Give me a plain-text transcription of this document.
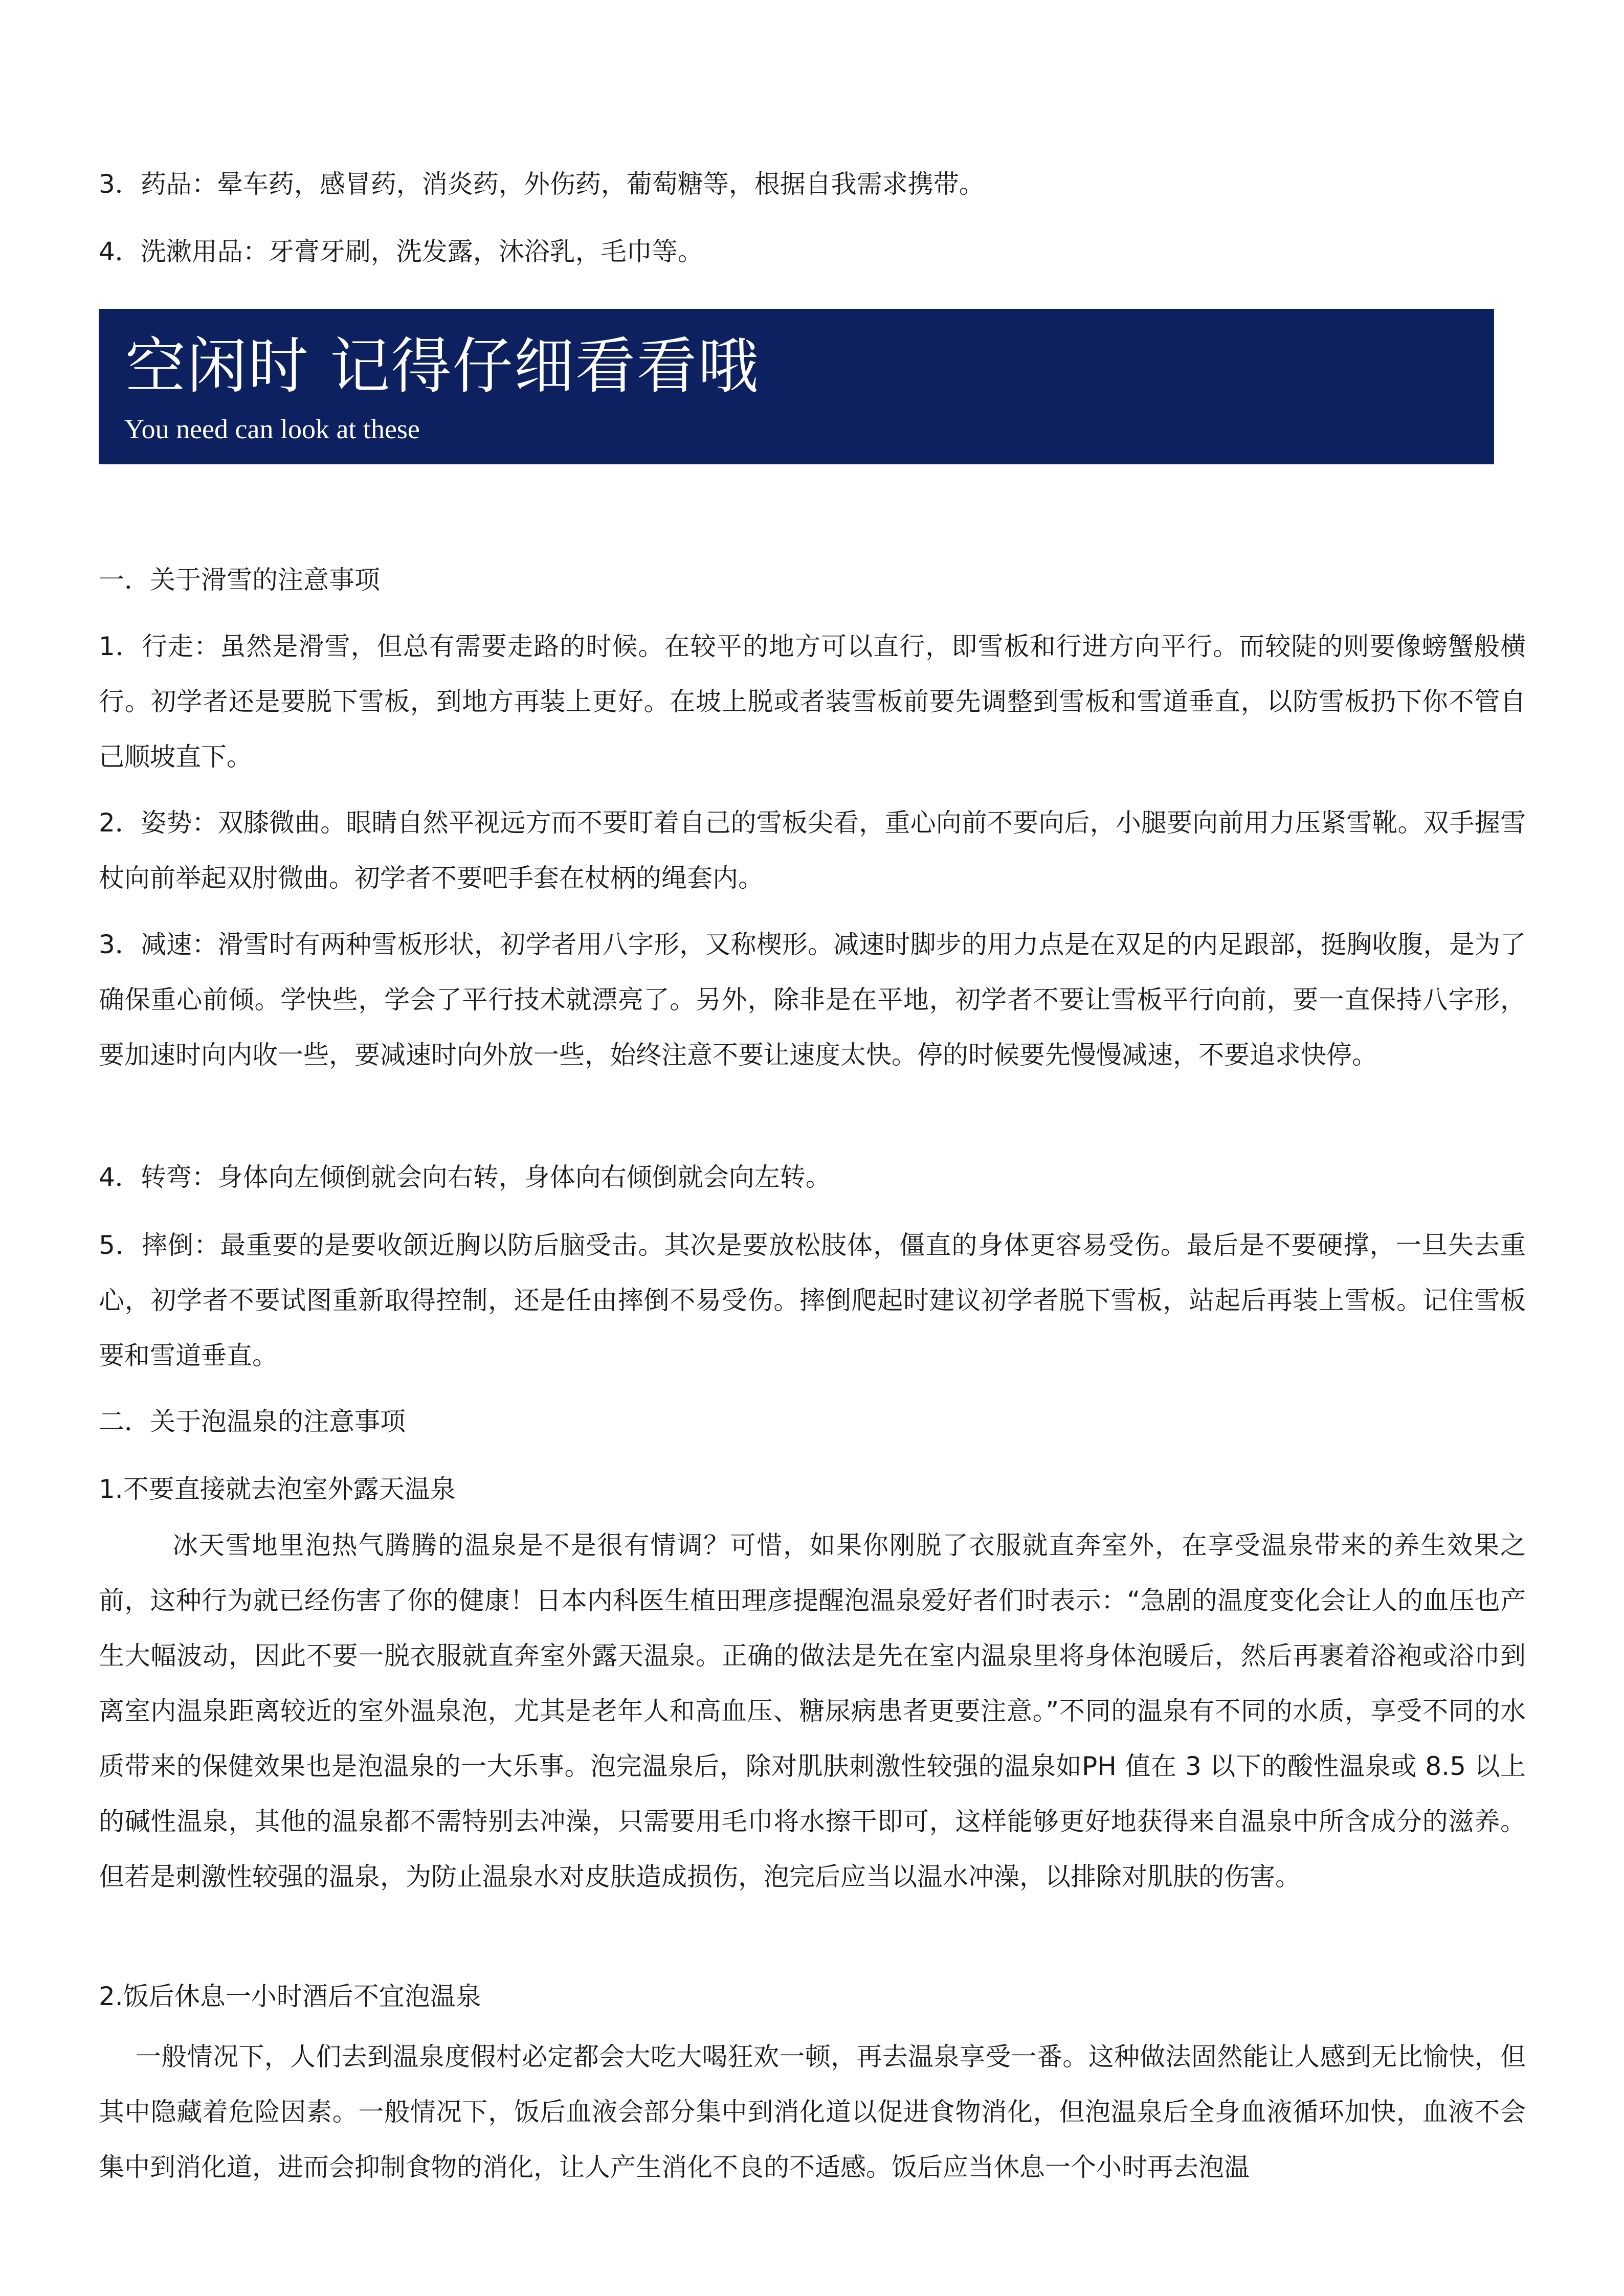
3．药品：晕车药，感冒药，消炎药，外伤药，葡萄糖等，根据自我需求携带。

4．洗漱用品：牙膏牙刷，洗发露，沐浴乳，毛巾等。

空闲时 记得仔细看看哦
You need can look at these

一．关于滑雪的注意事项

1．行走：虽然是滑雪，但总有需要走路的时候。在较平的地方可以直行，即雪板和行进方向平行。而较陡的则要像螃蟹般横行。初学者还是要脱下雪板，到地方再装上更好。在坡上脱或者装雪板前要先调整到雪板和雪道垂直，以防雪板扔下你不管自己顺坡直下。

2．姿势：双膝微曲。眼睛自然平视远方而不要盯着自己的雪板尖看，重心向前不要向后，小腿要向前用力压紧雪靴。双手握雪杖向前举起双肘微曲。初学者不要吧手套在杖柄的绳套内。

3．减速：滑雪时有两种雪板形状，初学者用八字形，又称楔形。减速时脚步的用力点是在双足的内足跟部，挺胸收腹，是为了确保重心前倾。学快些，学会了平行技术就漂亮了。另外，除非是在平地，初学者不要让雪板平行向前，要一直保持八字形，要加速时向内收一些，要减速时向外放一些，始终注意不要让速度太快。停的时候要先慢慢减速，不要追求快停。

4．转弯：身体向左倾倒就会向右转，身体向右倾倒就会向左转。

5．摔倒：最重要的是要收颌近胸以防后脑受击。其次是要放松肢体，僵直的身体更容易受伤。最后是不要硬撑，一旦失去重心，初学者不要试图重新取得控制，还是任由摔倒不易受伤。摔倒爬起时建议初学者脱下雪板，站起后再装上雪板。记住雪板要和雪道垂直。

二．关于泡温泉的注意事项

1.不要直接就去泡室外露天温泉

冰天雪地里泡热气腾腾的温泉是不是很有情调？可惜，如果你刚脱了衣服就直奔室外，在享受温泉带来的养生效果之前，这种行为就已经伤害了你的健康！日本内科医生植田理彦提醒泡温泉爱好者们时表示：“急剧的温度变化会让人的血压也产生大幅波动，因此不要一脱衣服就直奔室外露天温泉。正确的做法是先在室内温泉里将身体泡暖后，然后再裹着浴袍或浴巾到离室内温泉距离较近的室外温泉泡，尤其是老年人和高血压、糖尿病患者更要注意。”不同的温泉有不同的水质，享受不同的水质带来的保健效果也是泡温泉的一大乐事。泡完温泉后，除对肌肤刺激性较强的温泉如PH 值在 3 以下的酸性温泉或 8.5 以上的碱性温泉，其他的温泉都不需特别去冲澡，只需要用毛巾将水擦干即可，这样能够更好地获得来自温泉中所含成分的滋养。但若是刺激性较强的温泉，为防止温泉水对皮肤造成损伤，泡完后应当以温水冲澡，以排除对肌肤的伤害。

2.饭后休息一小时酒后不宜泡温泉

一般情况下，人们去到温泉度假村必定都会大吃大喝狂欢一顿，再去温泉享受一番。这种做法固然能让人感到无比愉快，但其中隐藏着危险因素。一般情况下，饭后血液会部分集中到消化道以促进食物消化，但泡温泉后全身血液循环加快，血液不会集中到消化道，进而会抑制食物的消化，让人产生消化不良的不适感。饭后应当休息一个小时再去泡温
